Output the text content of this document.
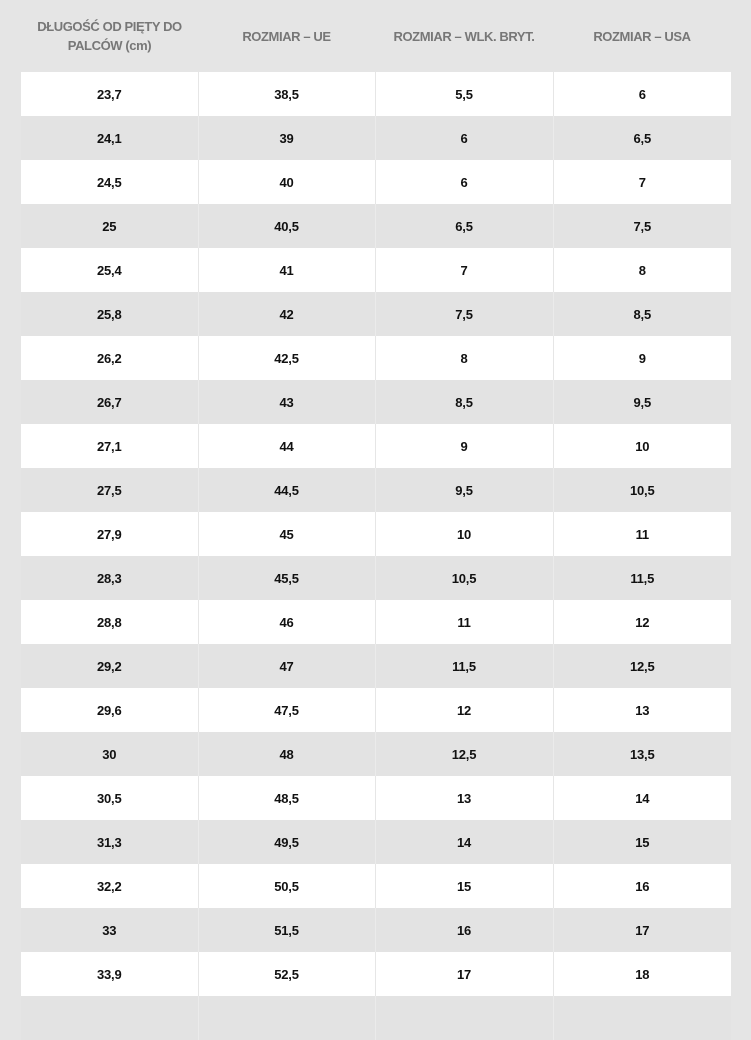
DŁUGOŚĆ OD PIĘTY DO PALCÓW (cm)	ROZMIAR – UE	ROZMIAR – WLK. BRYT.	ROZMIAR – USA
23,7	38,5	5,5	6
24,1	39	6	6,5
24,5	40	6	7
25	40,5	6,5	7,5
25,4	41	7	8
25,8	42	7,5	8,5
26,2	42,5	8	9
26,7	43	8,5	9,5
27,1	44	9	10
27,5	44,5	9,5	10,5
27,9	45	10	11
28,3	45,5	10,5	11,5
28,8	46	11	12
29,2	47	11,5	12,5
29,6	47,5	12	13
30	48	12,5	13,5
30,5	48,5	13	14
31,3	49,5	14	15
32,2	50,5	15	16
33	51,5	16	17
33,9	52,5	17	18
